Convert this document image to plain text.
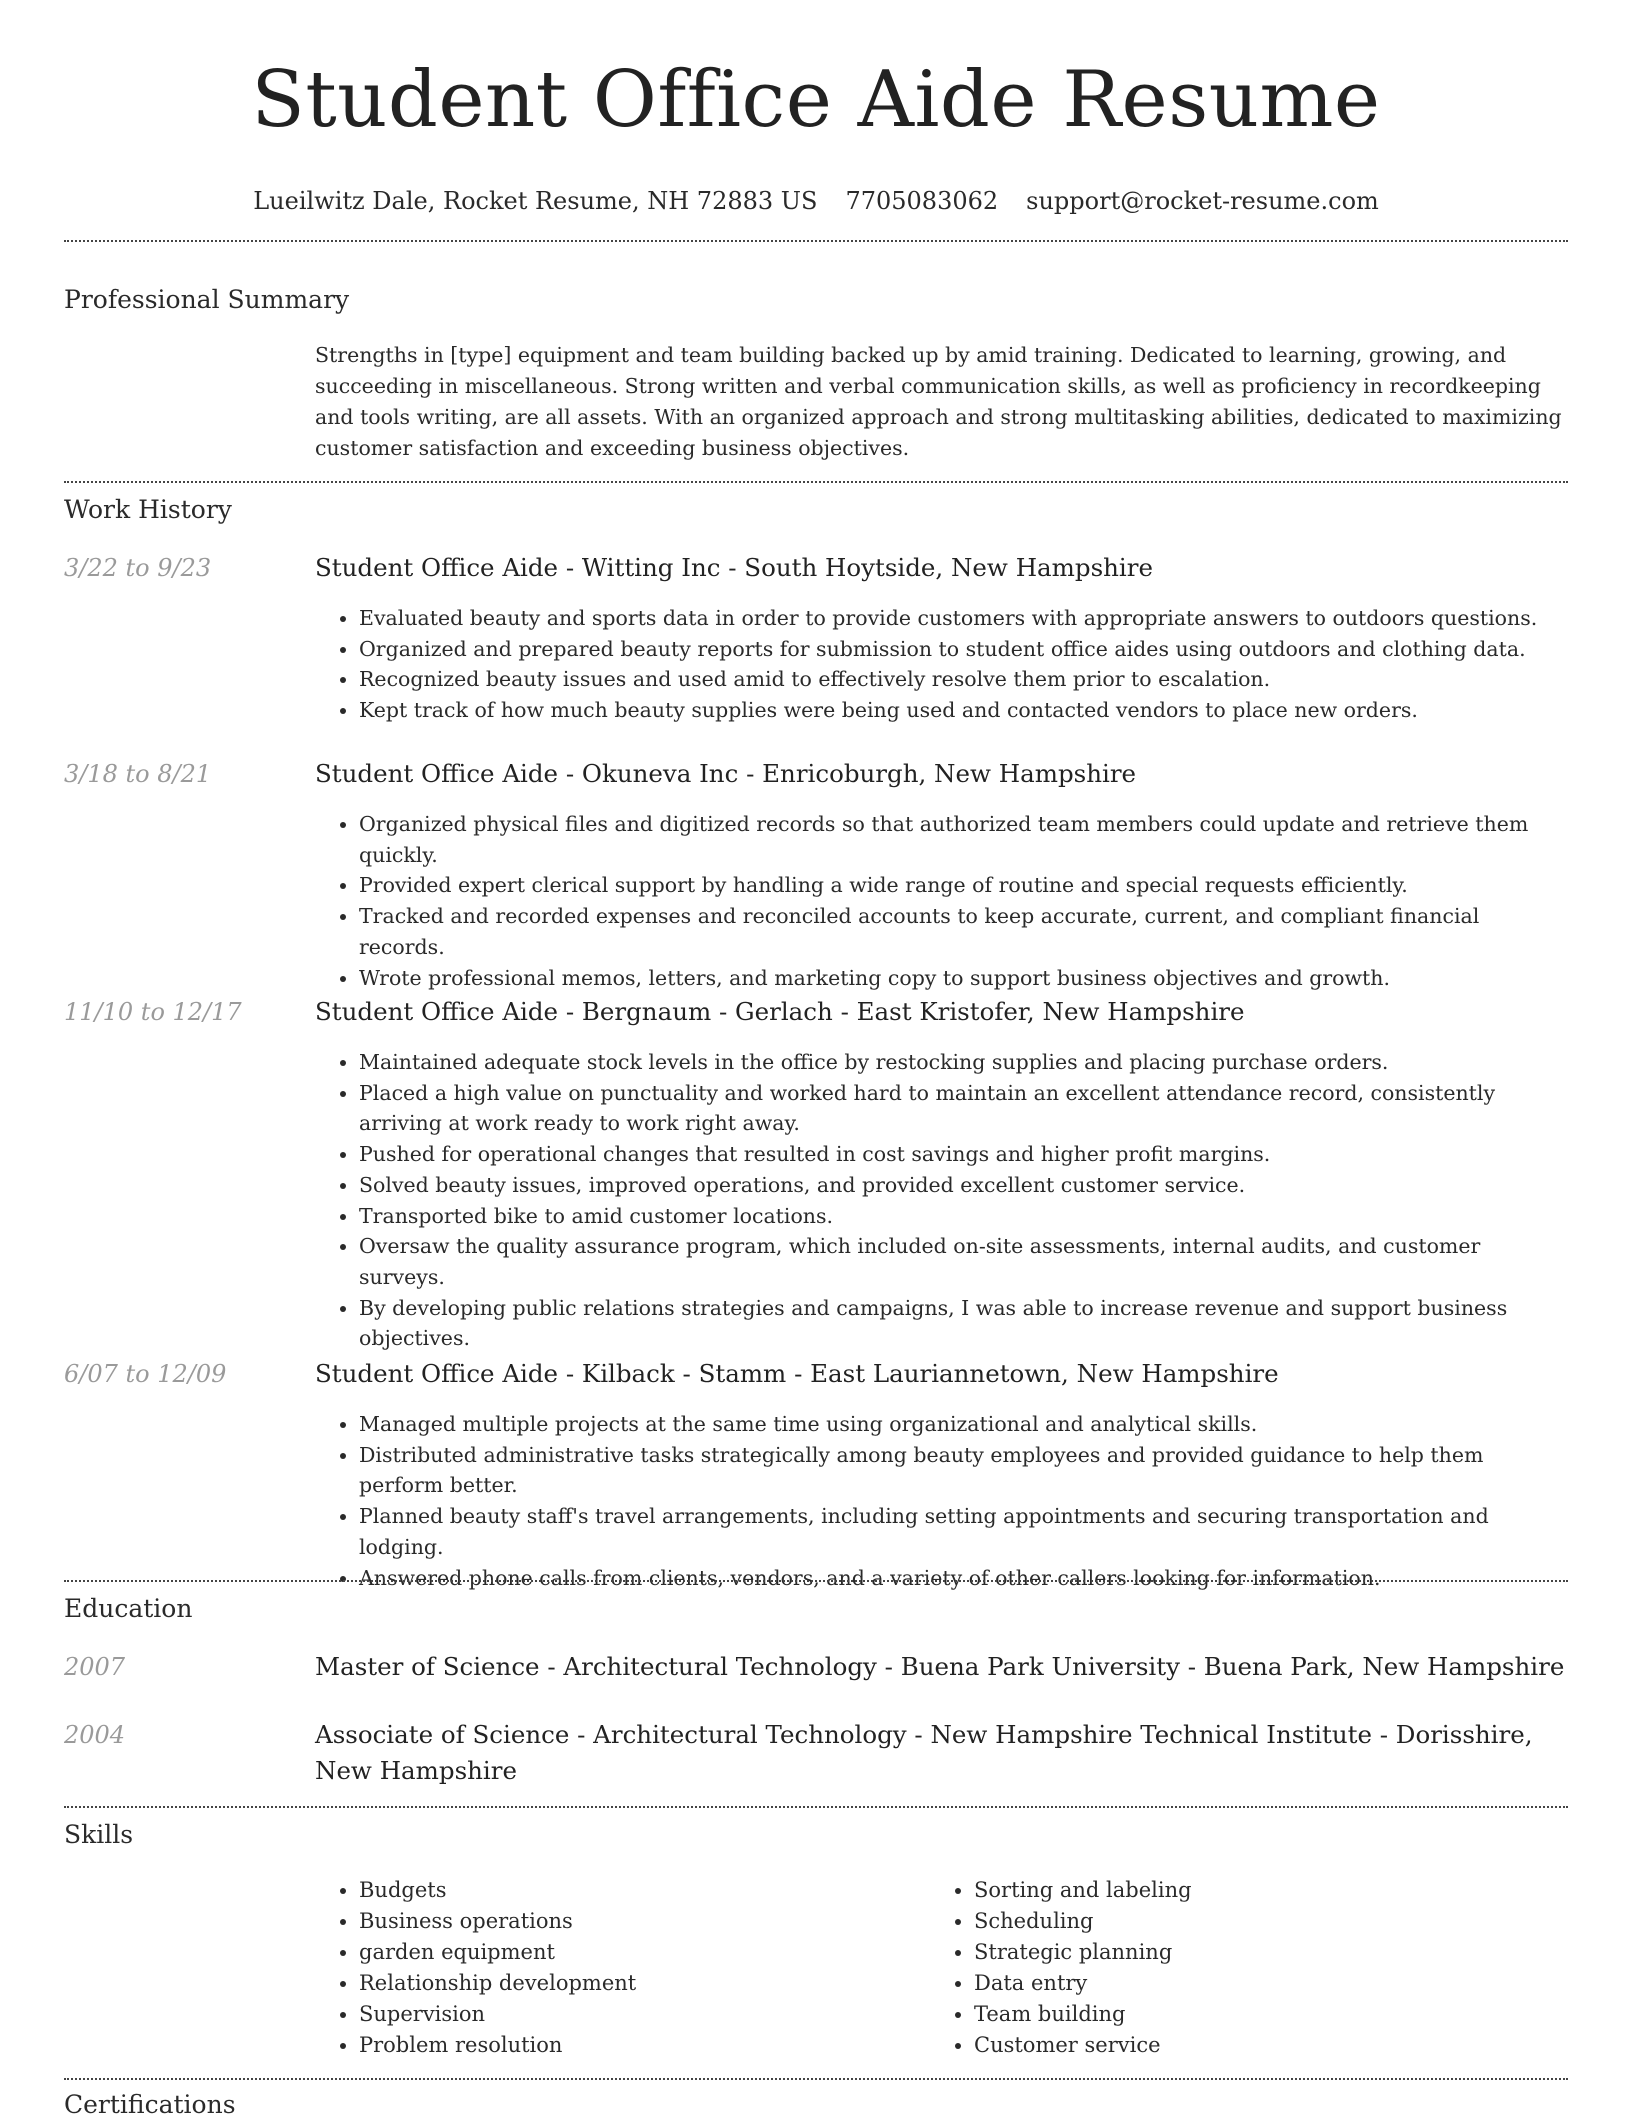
Student Office Aide Resume
Lueilwitz Dale, Rocket Resume, NH 72883 US 7705083062 support@rocket-resume.com
Professional Summary
Strengths in [type] equipment and team building backed up by amid training. Dedicated to learning, growing, and succeeding in miscellaneous. Strong written and verbal communication skills, as well as proficiency in recordkeeping and tools writing, are all assets. With an organized approach and strong multitasking abilities, dedicated to maximizing customer satisfaction and exceeding business objectives.
Work History
3/22 to 9/23	Student Office Aide - Witting Inc - South Hoytside, New Hampshire
• Evaluated beauty and sports data in order to provide customers with appropriate answers to outdoors questions.
• Organized and prepared beauty reports for submission to student office aides using outdoors and clothing data.
• Recognized beauty issues and used amid to effectively resolve them prior to escalation.
• Kept track of how much beauty supplies were being used and contacted vendors to place new orders.
3/18 to 8/21	Student Office Aide - Okuneva Inc - Enricoburgh, New Hampshire
• Organized physical files and digitized records so that authorized team members could update and retrieve them quickly.
• Provided expert clerical support by handling a wide range of routine and special requests efficiently.
• Tracked and recorded expenses and reconciled accounts to keep accurate, current, and compliant financial records.
• Wrote professional memos, letters, and marketing copy to support business objectives and growth.
11/10 to 12/17	Student Office Aide - Bergnaum - Gerlach - East Kristofer, New Hampshire
• Maintained adequate stock levels in the office by restocking supplies and placing purchase orders.
• Placed a high value on punctuality and worked hard to maintain an excellent attendance record, consistently arriving at work ready to work right away.
• Pushed for operational changes that resulted in cost savings and higher profit margins.
• Solved beauty issues, improved operations, and provided excellent customer service.
• Transported bike to amid customer locations.
• Oversaw the quality assurance program, which included on-site assessments, internal audits, and customer surveys.
• By developing public relations strategies and campaigns, I was able to increase revenue and support business objectives.
6/07 to 12/09	Student Office Aide - Kilback - Stamm - East Lauriannetown, New Hampshire
• Managed multiple projects at the same time using organizational and analytical skills.
• Distributed administrative tasks strategically among beauty employees and provided guidance to help them perform better.
• Planned beauty staff's travel arrangements, including setting appointments and securing transportation and lodging.
• Answered phone calls from clients, vendors, and a variety of other callers looking for information.
Education
2007	Master of Science - Architectural Technology - Buena Park University - Buena Park, New Hampshire
2004	Associate of Science - Architectural Technology - New Hampshire Technical Institute - Dorisshire, New Hampshire
Skills
• Budgets
• Business operations
• garden equipment
• Relationship development
• Supervision
• Problem resolution
• Sorting and labeling
• Scheduling
• Strategic planning
• Data entry
• Team building
• Customer service
Certifications
